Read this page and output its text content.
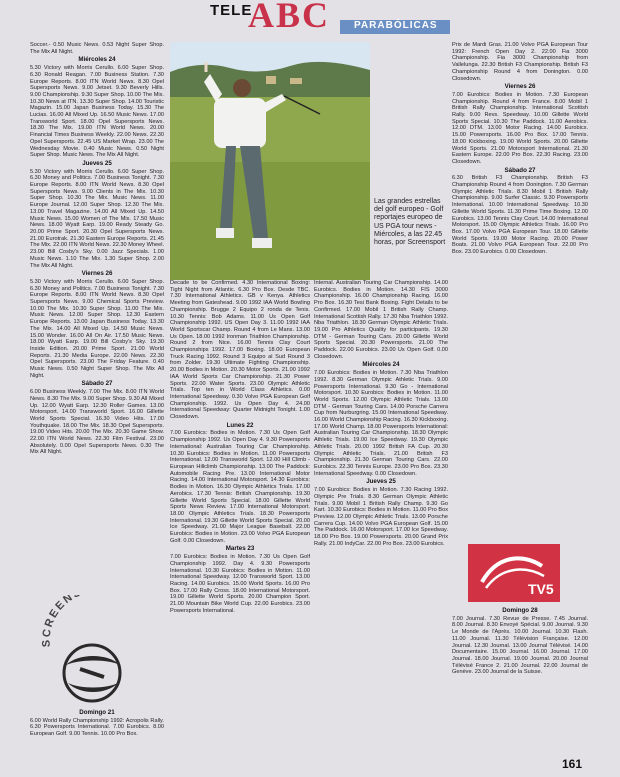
TELE
ABC PARABÓLICAS

Soccer.- 0.50 Music News. 0.53 Night Super Shop. The Mix All Night.

Miércoles 24

5.30 Victory with Morris Cerullo. 6.00 Super Shop. 6.30 Ronald Reagan. 7.00 Business Station. 7.30 Europe Reports. 8.00 ITN World News. 8.30 Opel Supersports News. 9.00 Jetset. 9.30 Beverly Hills. 9.00 Championship. 9.30 Super Shop. 10.00 The Mix. 10.30 News at ITN. 13.30 Super Shop. 14.00 Touristic Magazin. 15.00 Japan Business Today. 15.30 The Lucias. 16.00 All Mixed Up. 16.50 Music News. 17.00 Transworld Sport. 18.00 Opel Supersports News. 18.30 The Mix. 19.00 ITN World News. 20.00 Financial Times Business Weekly. 22.00 News. 22.30 Opel Supersports. 22.45 US Market Wrap. 23.00 The Wednesday Movie. 0.40 Music News. 0.50 Night Super Shop. Music News. The Mix All Night.

Jueves 25

5.30 Victory with Morris Cerullo. 6.00 Super Shop. 6.30 Money and Politics. 7.00 Business Tonight. 7.30 Europe Reports. 8.00 ITN World News. 8.30 Opel Supersports News. 9.00 Clients in The Mix. 10.30 Super Shop. 10.30 The Mix. Music News. 11.00 Europe Journal. 12.00 Super Shop. 12.30 The Mix. 13.00 Travel Magazine. 14.00 All Mixed Up. 14.50 Music News. 15.00 Women of The Mix. 17.50 Music News. 18.00 Wyatt Earp. 19.00 Ready Steady Go. 20.00 Prime Sport. 20.30 Opel Supersports News. 21.00 Eurotrak. 21.30 Eastern Europe Reports. 21.45 The Mix. 22.00 ITN World News. 22.30 Money Wheel. 23.00 Bill Cosby's Sky. 0.00 Jazz Specials. 1.00 Music News. 1.10 The Mix. 1.30 Super Shop. 2.00 The Mix All Night.

Viernes 26

5.30 Victory with Morris Cerullo. 6.00 Super Shop. 6.30 Money and Politics. 7.00 Business Tonight. 7.30 Europe Reports. 8.00 ITN World News. 8.30 Opel Supersports News. 9.00 Chemical Sports Preview. 10.00 The Mix. 10.30 Super Shop. 11.00 The Mix. Music News. 12.00 Super Shop. 12.30 Eastern Europe Reports. 13.00 Japan Business Today. 13.30 The Mix. 14.00 All Mixed Up. 14.50 Music News. 15.00 Wonder. 16.00 All On Air. 17.50 Music News. 18.00 Wyatt Earp. 19.00 Bill Cosby's Sky. 19.30 Inside Edition. 20.00 Prime Sport. 21.00 World Reports. 21.30 Media Europe. 22.00 News. 22.30 Opel Supersports. 23.00 The Friday Feature. 0.40 Music News. 0.50 Night Super Shop. The Mix All Night.

Sábado 27

6.00 Business Weekly. 7.00 The Mix. 8.00 ITN World News. 8.30 The Mix. 9.00 Super Shop. 9.30 All Mixed Up. 12.00 Wyatt Earp. 12.30 Roller Games. 13.00 Motorsport. 14.00 Transworld Sport. 16.00 Gillette World Sports Special. 16.30 Video Hits. 17.00 Youthquake. 18.00 The Mix. 18.30 Opel Supersports. 19.00 Video Hits. 20.00 The Mix. 20.30 Game Show. 22.00 ITN World News. 22.30 Film Festival. 23.00 Absolutely. 0.00 Opel Supersports News. 0.30 The Mix All Night.

SCREEN
Domingo 21

6.00 World Rally Championship 1992: Acropolis Rally. 6.30 Powersports International. 7.00 Eurobics. 8.00 European Golf. 9.00 Tennis. 10.00 Pro Box.

Las grandes estrellas del golf europeo - Golf reportajes europeo de US PGA tour news - Miércoles, a las 22.45 horas, por Screensport

Decade to be Confirmed. 4.30 International Boxing: Tight Night from Atlantic. 6.30 Pro Box. Desde TBC. 7.30 International Athletics. GB v Kenya. Athletics Meeting from Gateshead. 9.00 1992 IAA World Bowling Championship. Brugge 2 Equipo 2 ronda de Tenis. 10.30 Tennis: Bob Adams. 11.00 Us Open Golf Championship 1992. US Open Day 3. 11.00 1992 IAA World Sportscar Champ. Round 4 from Le Mans. 13.00 Us Open. 18.00 1992 Ironman Triathlon Championship. Round 2 from Nice. 16.00 Tennis Clay Court Championships 1992. 17.00 Boxing. 18.00 European Truck Racing 1992. Round 3 Equipo al Sud Round 3 from Zolder. 19.30 Ultimate Fighting Championship. 20.00 Bodies in Motion. 20.30 Motor Sports. 21.00 1992 IAA World Sports Car Championship. 21.30 Power Sports. 22.00 Water Sports. 23.00 Olympic Athletic Trials. Top ten in World Class Athletics. 0.00 International Speedway. 0.30 Volvo PGA European Golf Championship. 1992. Us Open Day 4. 24.00 International Speedway: Quarter Midnight Tonight. 1.00 Closedown.

Lunes 22

7.00 Eurobics: Bodies in Motion. 7.30 Us Open Golf Championship 1992. Us Open Day 4. 9.30 Powersports International: Australian Touring Car Championship. 10.30 Eurobics: Bodies in Motion. 11.00 Powersports International. 12.00 Transworld Sport. 12.00 Hill Climb - European Hillclimb Championship. 13.00 The Paddock: Automobile Racing Pre. 13.00 International Motor Racing. 14.00 International Motorsport. 14.30 Eurobics: Bodies in Motion. 16.30 Olympic Athletics Trials. 17.00 Aerobics. 17.30 Tennis: British Championship. 19.30 Gillette World Sports Special. 18.00 Gillette World Sports News Review. 17.00 International Motorsport. 18.00 Olympic Athletics Trials. 18.30 Powersports International. 19.30 Gillette World Sports Special. 20.00 Ice Speedway. 21.00 Major League Baseball. 22.00 Eurobics: Bodies in Motion. 23.00 Volvo PGA European Golf. 0.00 Closedown.

Martes 23

7.00 Eurobics: Bodies in Motion. 7.30 Us Open Golf Championship 1992. Day 4. 9.30 Powersports International. 10.30 Eurobics: Bodies in Motion. 11.00 International Speedway. 12.00 Transworld Sport. 13.00 Racing. 14.00 Eurobics. 15.00 World Sports. 16.00 Pro Box. 17.00 Rally Cross. 18.00 International Motorsport. 19.00 Gillette World Sports. 20.00 Champion Sport. 21.00 Mountain Bike World Cup. 22.00 Eurobics. 23.00 Powersports International.

Internal. Australian Touring Car Championship. 14.00 Eurobics. Bodies in Motion. 14.30 FIS 3000 Championship. 16.00 Championship Racing. 16.00 Pro Box. 16.30 Tesi Bank Boxing. Fight Details to be Confirmed. 17.00 Mobil 1 British Rally Champ. International Scottish Rally. 17.30 Nba Triathlon 1992. Nba Triathlon. 18.30 German Olympic Athletic Trials. 19.00 Pro Athletics Quality for participants. 19.30 DTM - German Touring Cars. 20.00 Gillette World Sports Special. 20.30 Powersports. 21.00 The Paddock. 22.00 Eurobics. 23.00 Us Open Golf. 0.00 Closedown.

Miércoles 24

7.00 Eurobics: Bodies in Motion. 7.30 Nba Triathlon 1992. 8.30 German Olympic Athletic Trials. 9.00 Powersports International. 9.30 Go - International Motorsport. 10.30 Eurobics: Bodies in Motion. 11.00 World Sports. 12.00 Olympic Athletic Trials. 13.00 DTM - German Touring Cars. 14.00 Porsche Carrera Cup from Nurburgring. 15.00 International Speedway. 16.00 World Championship Racing. 16.30 Kickboxing. 17.00 World Champ. 18.00 Powersports International: Australian Touring Car Championship. 18.30 Olympic Athletic Trials. 19.00 Ice Speedway. 19.30 Olympic Athletic Trials. 20.00 1992 British FA Cup. 20.30 Olympic Athletic Trials. 21.00 British F3 Championship. 21.30 German Touring Cars. 22.00 Eurobics. 22.30 Tennis Europe. 23.00 Pro Box. 23.30 International Speedway. 0.00 Closedown.

Jueves 25

7.00 Eurobics: Bodies in Motion. 7.30 Racing 1992. Olympic Pre Trials. 8.30 German Olympic Athletic Trials. 9.00 Mobil 1 British Rally Champ. 9.30 Go Kart. 10.30 Eurobics: Bodies in Motion. 11.00 Pro Box Preview. 12.00 Olympic Athletic Trials. 13.00 Porsche Carrera Cup. 14.00 Volvo PGA European Golf. 15.00 The Paddock. 16.00 Motorsport. 17.00 Ice Speedway. 18.00 Pro Box. 19.00 Powersports. 20.00 Grand Prix Rally. 21.00 IndyCar. 22.00 Pro Box. 23.00 Eurobics.

Prix de Mardi Gras. 21.00 Volvo PGA European Tour 1992: French Open Day 2. 22.00 Fia 3000 Championship. Fia 3000 Championship from Vallelunga. 22.30 British F3 Championship. British F3 Championship Round 4 from Donington. 0.00 Closedown.

Viernes 26

7.00 Eurobics: Bodies in Motion. 7.30 European Championship. Round 4 from France. 8.00 Mobil 1 British Rally Championship. International Scottish Rally. 9.00 Revs. Speedway. 10.00 Gillette World Sports Special. 10.30 The Paddock. 11.00 Aerobics. 12.00 DTM. 13.00 Motor Racing. 14.00 Eurobics. 15.00 Powersports. 16.00 Pro Box. 17.00 Tennis. 18.00 Kickboxing. 19.00 World Sports. 20.00 Gillette World Sports. 21.00 Motorsport International. 21.30 Eastern Europe. 22.00 Pro Box. 22.30 Racing. 23.00 Closedown.

Sábado 27

6.30 British F3 Championship. British F3 Championship Round 4 from Donington. 7.30 German Olympic Athletic Trials. 8.30 Mobil 1 British Rally Championship. 9.00 Surfer Classic. 9.30 Powersports International. 10.00 International Speedway. 10.30 Gillette World Sports. 11.30 Prime Time Boxing. 12.00 Eurobics. 13.00 Tennis Clay Court. 14.00 International Motorsport. 15.00 Olympic Athletics Trials. 16.00 Pro Box. 17.00 Volvo PGA European Tour. 18.00 Gillette World Sports. 19.00 Motor Racing. 20.00 Power Boats. 21.00 Volvo PGA European Tour. 22.00 Pro Box. 23.00 Eurobics. 0.00 Closedown.

TV5
Domingo 28

7.00 Journal. 7.30 Revue de Presse. 7.45 Journal. 8.00 Journal. 8.30 Envoyé Spécial. 9.00 Journal. 9.30 Le Monde de l'Après. 10.00 Journal. 10.30 Flash. 11.00 Journal. 11.30 Télévision Française. 12.00 Journal. 12.30 Journal. 13.00 Journal Télévisé. 14.00 Documentaire. 15.00 Journal. 16.00 Journal. 17.00 Journal. 18.00 Journal. 19.00 Journal. 20.00 Journal Télévisé France 2. 21.00 Journal. 22.00 Journal de Genève. 23.00 Journal de la Suisse.

161
